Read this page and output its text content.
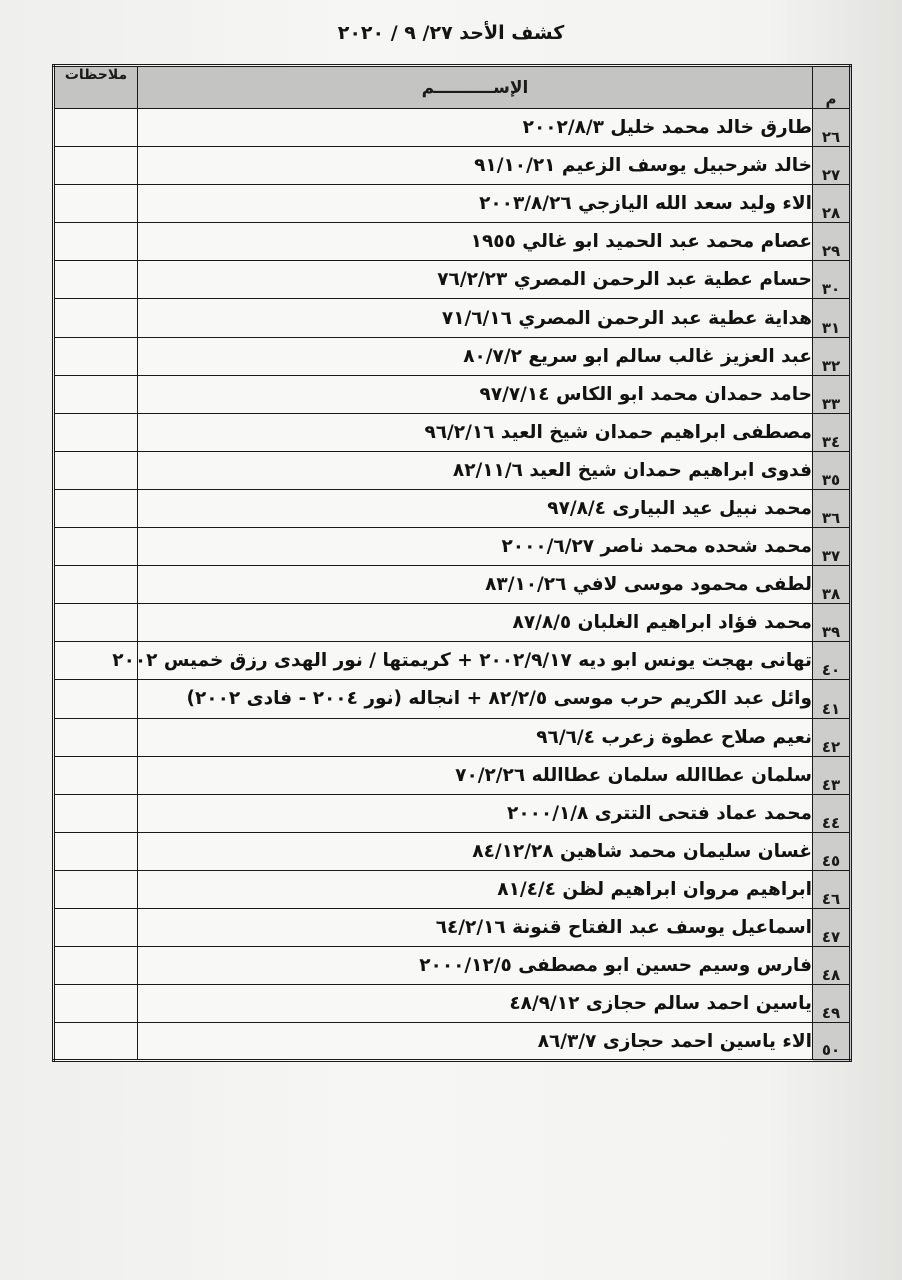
كشف الأحد ٢٧/ ٩ / ٢٠٢٠
م	الإســــــــــم	ملاحظات
٢٦	طارق خالد محمد خليل ٢٠٠٢/٨/٣	
٢٧	خالد شرحبيل يوسف الزعيم ٩١/١٠/٢١	
٢٨	الاء وليد سعد الله اليازجي ٢٠٠٣/٨/٢٦	
٢٩	عصام محمد عبد الحميد ابو غالي ١٩٥٥	
٣٠	حسام عطية عبد الرحمن المصري ٧٦/٢/٢٣	
٣١	هداية عطية عبد الرحمن المصري ٧١/٦/١٦	
٣٢	عبد العزيز غالب سالم ابو سريع ٨٠/٧/٢	
٣٣	حامد حمدان محمد ابو الكاس ٩٧/٧/١٤	
٣٤	مصطفى ابراهيم حمدان شيخ العيد ٩٦/٢/١٦	
٣٥	فدوى ابراهيم حمدان شيخ العيد ٨٢/١١/٦	
٣٦	محمد نبيل عيد البيارى ٩٧/٨/٤	
٣٧	محمد شحده محمد ناصر ٢٠٠٠/٦/٢٧	
٣٨	لطفى محمود موسى لافي ٨٣/١٠/٢٦	
٣٩	محمد فؤاد ابراهيم الغلبان ٨٧/٨/٥	
٤٠	تهانى بهجت يونس ابو ديه ٢٠٠٢/٩/١٧ + كريمتها / نور الهدى رزق خميس ٢٠٠٢	
٤١	وائل عبد الكريم حرب موسى ٨٢/٢/٥ + انجاله (نور ٢٠٠٤ - فادى ٢٠٠٢)	
٤٢	نعيم صلاح عطوة زعرب ٩٦/٦/٤	
٤٣	سلمان عطاالله سلمان عطاالله ٧٠/٢/٢٦	
٤٤	محمد عماد فتحى التترى ٢٠٠٠/١/٨	
٤٥	غسان سليمان محمد شاهين ٨٤/١٢/٢٨	
٤٦	ابراهيم مروان ابراهيم لظن ٨١/٤/٤	
٤٧	اسماعيل يوسف عبد الفتاح قنونة ٦٤/٢/١٦	
٤٨	فارس وسيم حسين ابو مصطفى ٢٠٠٠/١٢/٥	
٤٩	ياسين احمد سالم حجازى ٤٨/٩/١٢	
٥٠	الاء ياسين احمد حجازى ٨٦/٣/٧	
